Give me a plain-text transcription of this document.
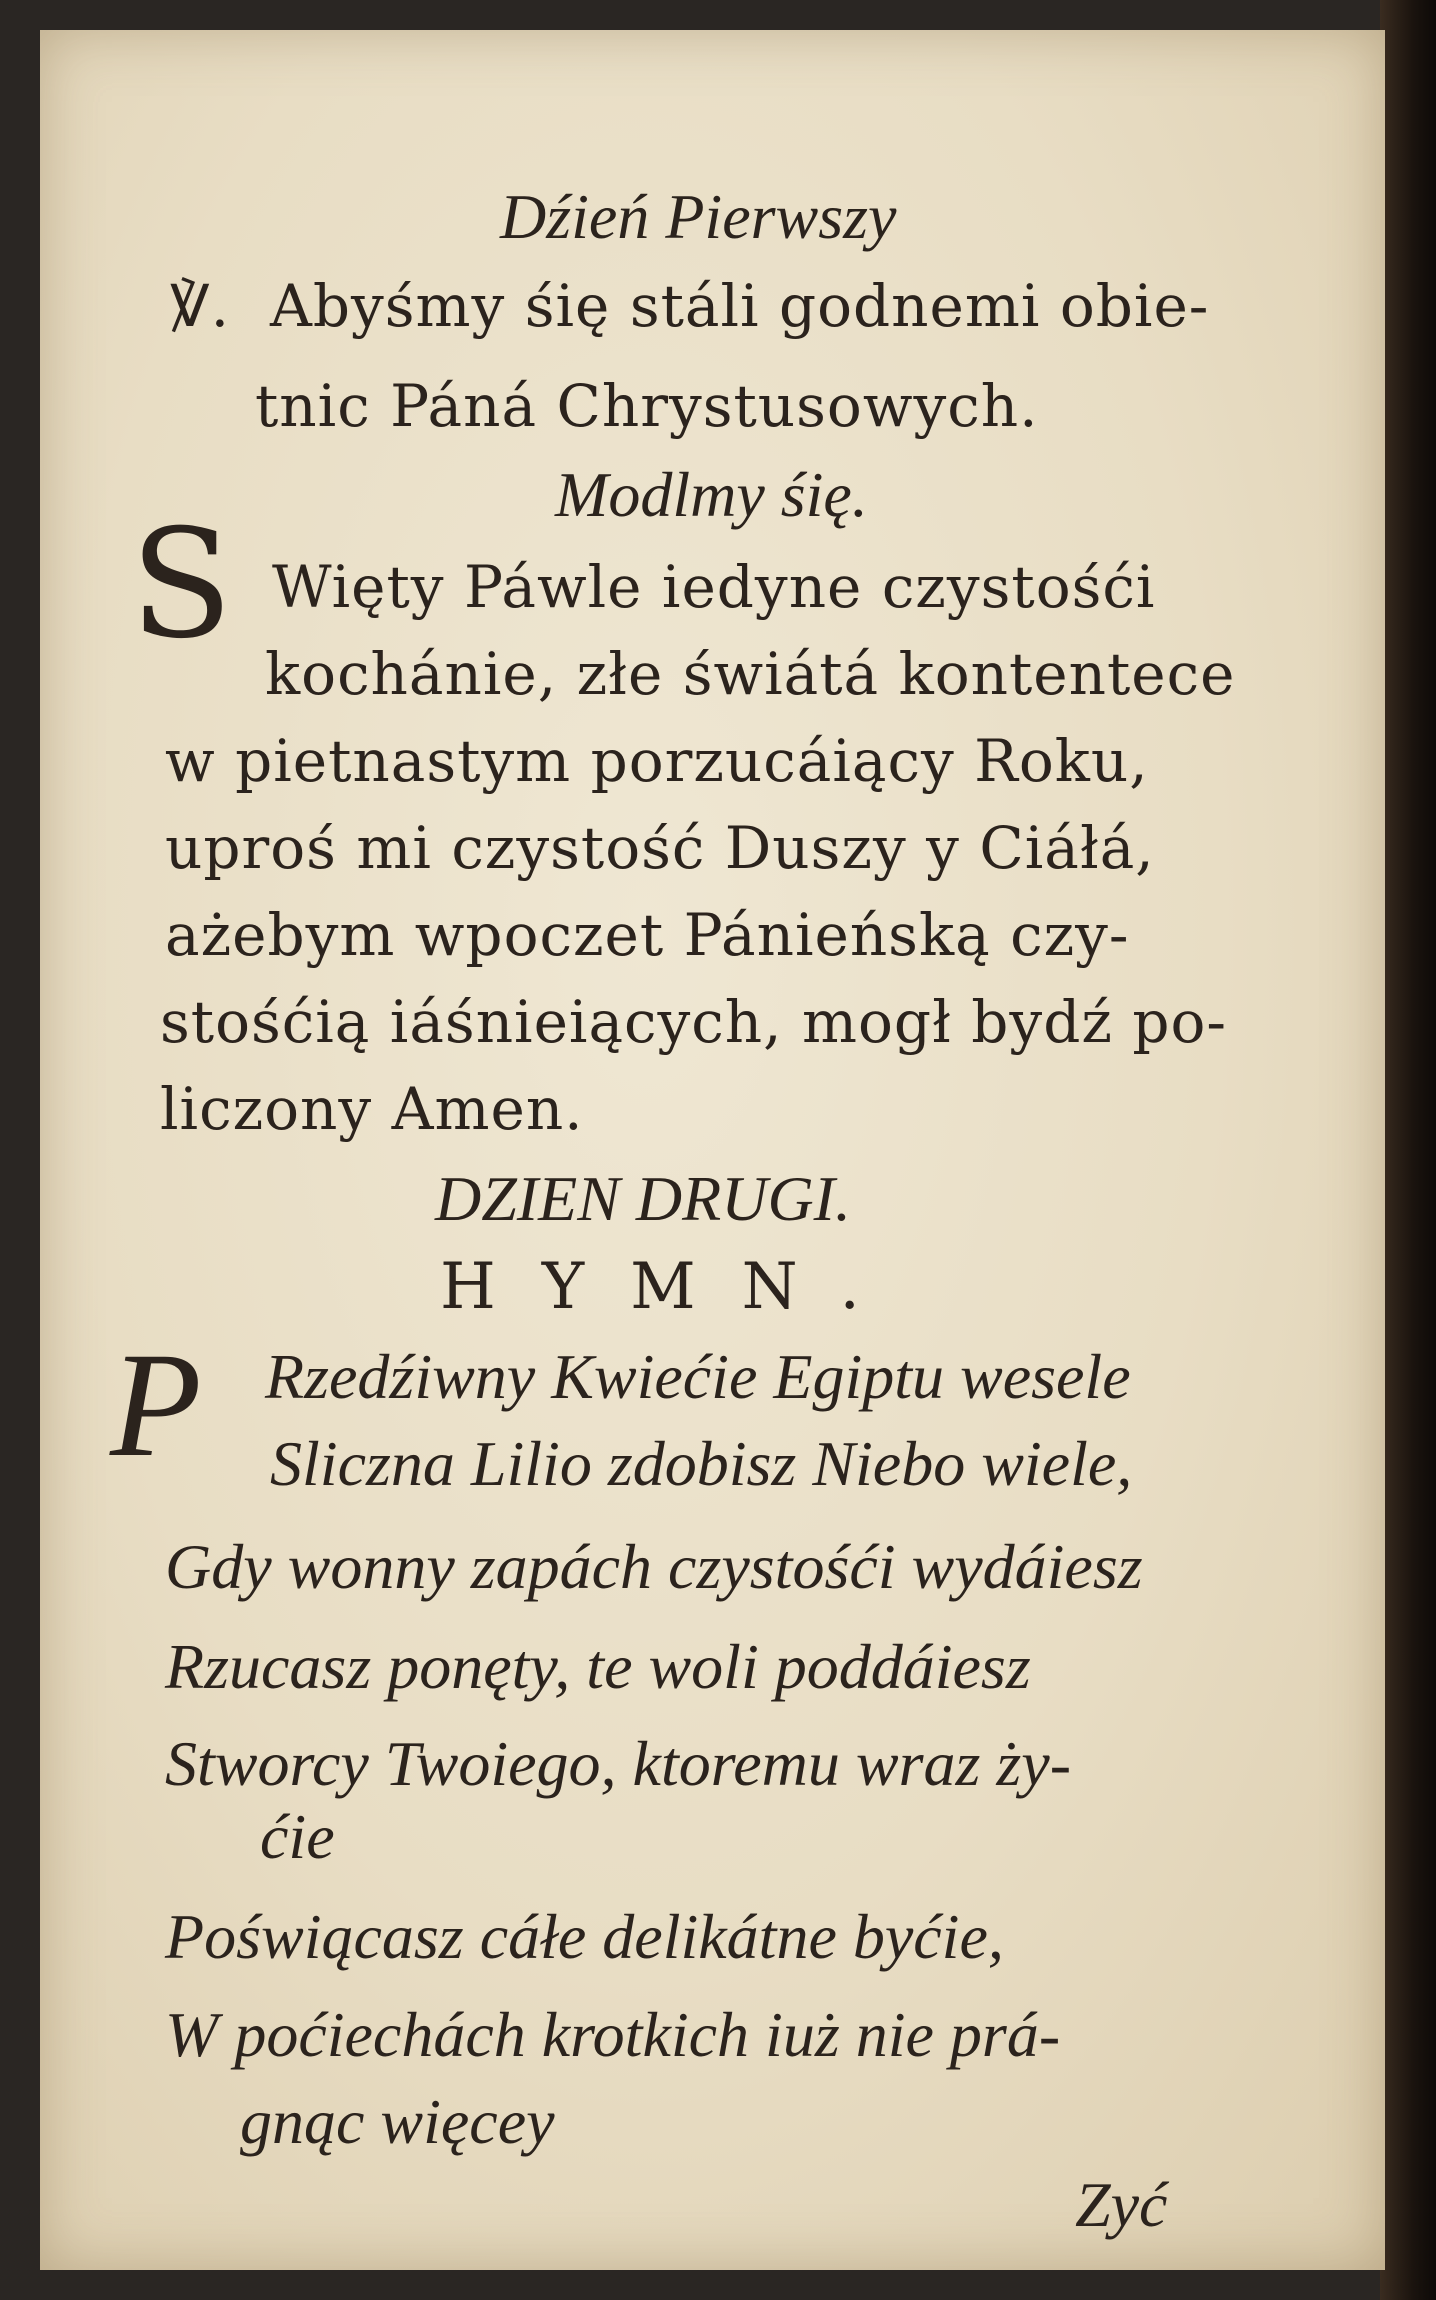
Dźień Pierwszy

℣. Abyśmy śię stáli godnemi obie-

tnic Páná Chrystusowych.

Modlmy śię.

S Więty Páwle iedyne czystośći

kochánie, złe świátá kontentece

w pietnastym porzucáiący Roku,

uproś mi czystość Duszy y Ciáłá,

ażebym wpoczet Pánieńską czy-

stośćią iáśnieiących, mogł bydź po-

liczony Amen.

DZIEN DRUGI.

HYMN.

P Rzedźiwny Kwiećie Egiptu wesele

Sliczna Lilio zdobisz Niebo wiele,

Gdy wonny zapách czystośći wydáiesz

Rzucasz ponęty, te woli poddáiesz

Stworcy Twoiego, ktoremu wraz ży-

ćie

Poświącasz cáłe delikátne byćie,

W poćiechách krotkich iuż nie prá-

gnąc więcey

Zyć
